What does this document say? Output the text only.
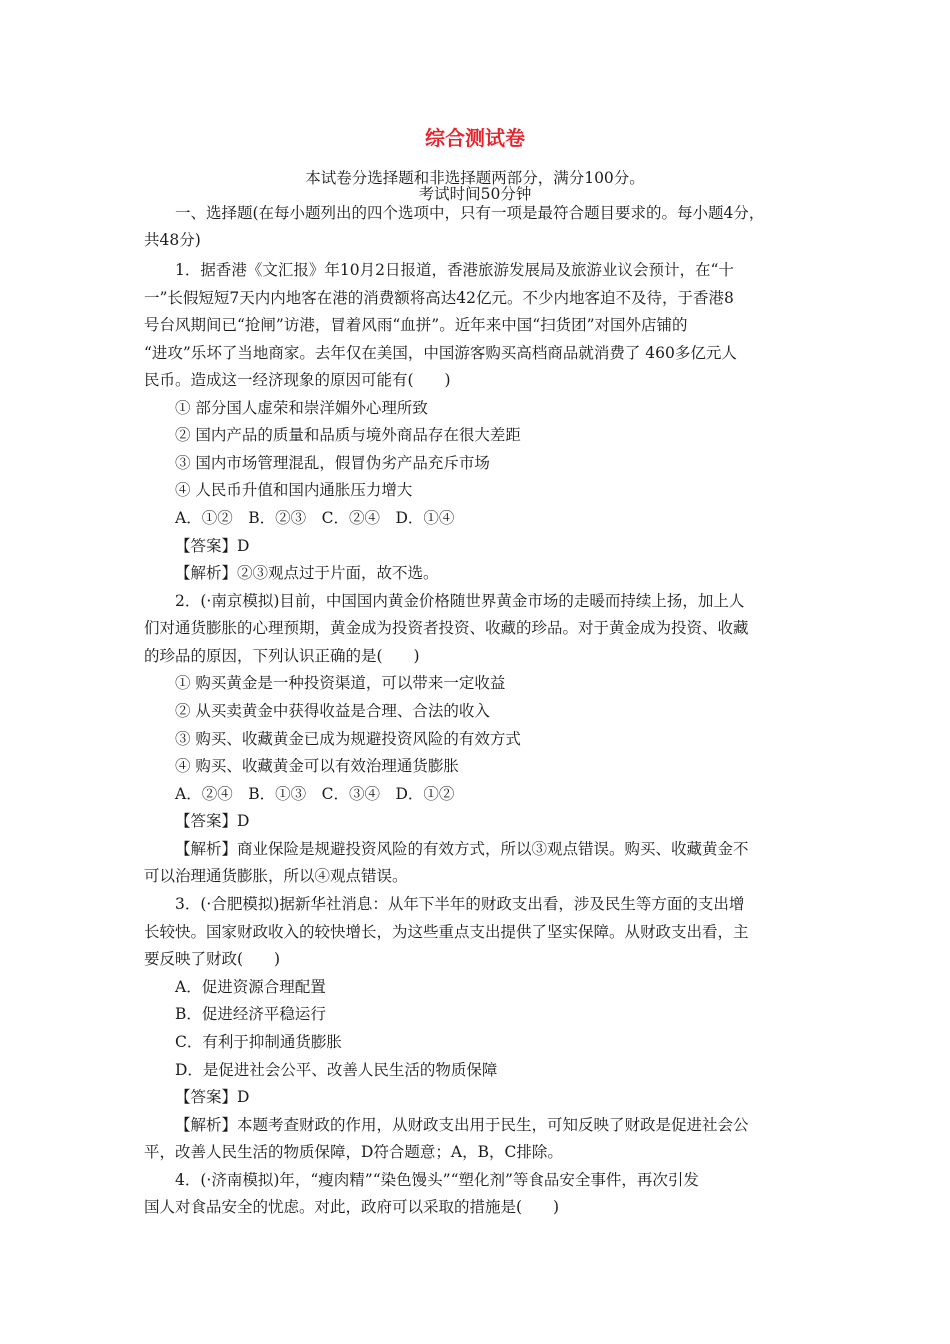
综合测试卷
本试卷分选择题和非选择题两部分，满分100分。
考试时间50分钟
一、选择题(在每小题列出的四个选项中，只有一项是最符合题目要求的。每小题4分，
共48分)
1．据香港《文汇报》年10月2日报道，香港旅游发展局及旅游业议会预计，在“十
一”长假短短7天内内地客在港的消费额将高达42亿元。不少内地客迫不及待，于香港8
号台风期间已“抢闸”访港，冒着风雨“血拼”。近年来中国“扫货团”对国外店铺的
“进攻”乐坏了当地商家。去年仅在美国，中国游客购买高档商品就消费了 460多亿元人
民币。造成这一经济现象的原因可能有(　　)
① 部分国人虚荣和崇洋媚外心理所致
② 国内产品的质量和品质与境外商品存在很大差距
③ 国内市场管理混乱，假冒伪劣产品充斥市场
④ 人民币升值和国内通胀压力增大
A．①②　B．②③　C．②④　D．①④
【答案】D
【解析】②③观点过于片面，故不选。
2．(·南京模拟)目前，中国国内黄金价格随世界黄金市场的走暖而持续上扬，加上人
们对通货膨胀的心理预期，黄金成为投资者投资、收藏的珍品。对于黄金成为投资、收藏
的珍品的原因，下列认识正确的是(　　)
① 购买黄金是一种投资渠道，可以带来一定收益
② 从买卖黄金中获得收益是合理、合法的收入
③ 购买、收藏黄金已成为规避投资风险的有效方式
④ 购买、收藏黄金可以有效治理通货膨胀
A．②④　B．①③　C．③④　D．①②
【答案】D
【解析】商业保险是规避投资风险的有效方式，所以③观点错误。购买、收藏黄金不
可以治理通货膨胀，所以④观点错误。
3．(·合肥模拟)据新华社消息：从年下半年的财政支出看，涉及民生等方面的支出增
长较快。国家财政收入的较快增长，为这些重点支出提供了坚实保障。从财政支出看，主
要反映了财政(　　)
A．促进资源合理配置
B．促进经济平稳运行
C．有利于抑制通货膨胀
D．是促进社会公平、改善人民生活的物质保障
【答案】D
【解析】本题考查财政的作用，从财政支出用于民生，可知反映了财政是促进社会公
平，改善人民生活的物质保障，D符合题意；A，B，C排除。
4．(·济南模拟)年，“瘦肉精”“染色馒头”“塑化剂”等食品安全事件，再次引发
国人对食品安全的忧虑。对此，政府可以采取的措施是(　　)
